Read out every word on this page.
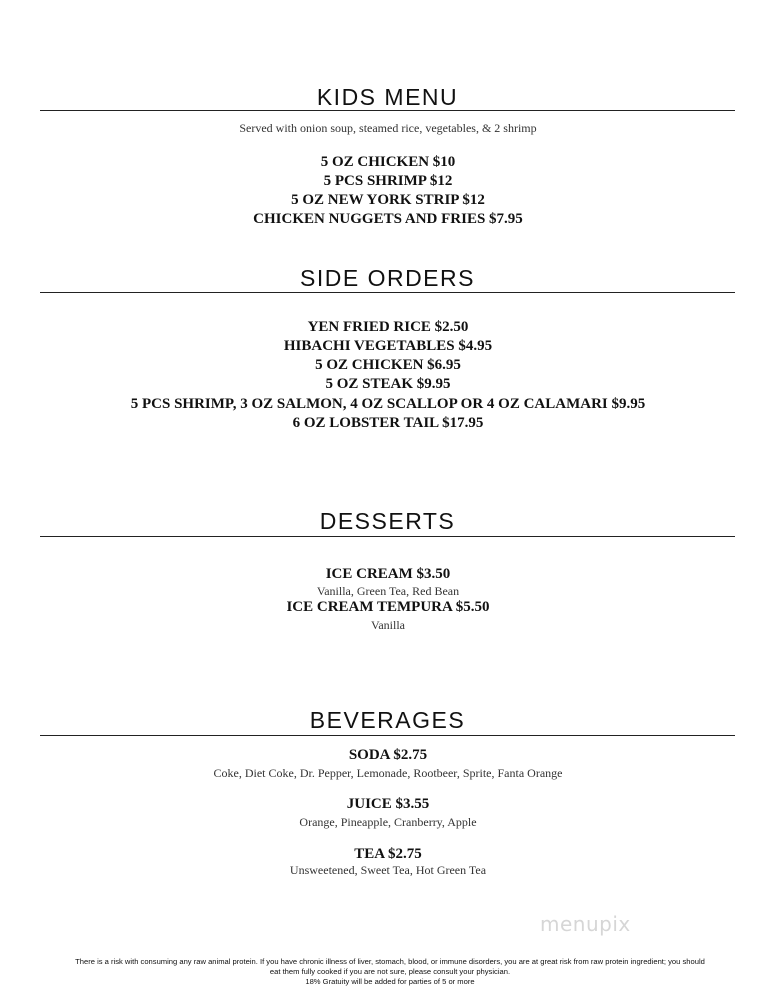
KIDS MENU
Served with onion soup, steamed rice, vegetables, & 2 shrimp
5 OZ CHICKEN $10
5 PCS SHRIMP $12
5 OZ NEW YORK STRIP $12
CHICKEN NUGGETS AND FRIES $7.95
SIDE ORDERS
YEN FRIED RICE $2.50
HIBACHI VEGETABLES $4.95
5 OZ CHICKEN $6.95
5 OZ STEAK $9.95
5 PCS SHRIMP, 3 OZ SALMON, 4 OZ SCALLOP OR 4 OZ CALAMARI $9.95
6 OZ LOBSTER TAIL $17.95
DESSERTS
ICE CREAM $3.50
Vanilla, Green Tea, Red Bean
ICE CREAM TEMPURA $5.50
Vanilla
BEVERAGES
SODA $2.75
Coke, Diet Coke, Dr. Pepper, Lemonade, Rootbeer, Sprite, Fanta Orange
JUICE $3.55
Orange, Pineapple, Cranberry, Apple
TEA $2.75
Unsweetened, Sweet Tea, Hot Green Tea
menupix
There is a risk with consuming any raw animal protein. If you have chronic illness of liver, stomach, blood, or immune disorders, you are at great risk from raw protein ingredient; you should
eat them fully cooked if you are not sure, please consult your physician.
18% Gratuity will be added for parties of 5 or more
